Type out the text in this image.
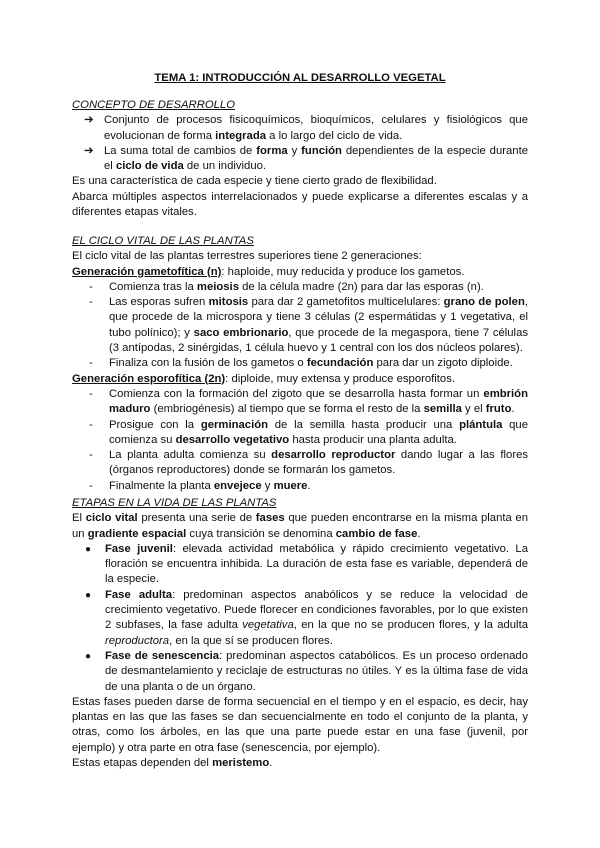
TEMA 1: INTRODUCCIÓN AL DESARROLLO VEGETAL

CONCEPTO DE DESARROLLO

➔ Conjunto de procesos fisicoquímicos, bioquímicos, celulares y fisiológicos que evolucionan de forma integrada a lo largo del ciclo de vida.
➔ La suma total de cambios de forma y función dependientes de la especie durante el ciclo de vida de un individuo.

Es una característica de cada especie y tiene cierto grado de flexibilidad.

Abarca múltiples aspectos interrelacionados y puede explicarse a diferentes escalas y a diferentes etapas vitales.

EL CICLO VITAL DE LAS PLANTAS

El ciclo vital de las plantas terrestres superiores tiene 2 generaciones:

Generación gametofítica (n): haploide, muy reducida y produce los gametos.

-	Comienza tras la meiosis de la célula madre (2n) para dar las esporas (n).
-	Las esporas sufren mitosis para dar 2 gametofitos multicelulares: grano de polen, que procede de la microspora y tiene 3 células (2 espermátidas y 1 vegetativa, el tubo polínico); y saco embrionario, que procede de la megaspora, tiene 7 células (3 antípodas, 2 sinérgidas, 1 célula huevo y 1 central con los dos núcleos polares).
-	Finaliza con la fusión de los gametos o fecundación para dar un zigoto diploide.

Generación esporofítica (2n): diploide, muy extensa y produce esporofitos.

-	Comienza con la formación del zigoto que se desarrolla hasta formar un embrión maduro (embriogénesis) al tiempo que se forma el resto de la semilla y el fruto.
-	Prosigue con la germinación de la semilla hasta producir una plántula que comienza su desarrollo vegetativo hasta producir una planta adulta.
-	La planta adulta comienza su desarrollo reproductor dando lugar a las flores (órganos reproductores) donde se formarán los gametos.
-	Finalmente la planta envejece y muere.

ETAPAS EN LA VIDA DE LAS PLANTAS

El ciclo vital presenta una serie de fases que pueden encontrarse en la misma planta en un gradiente espacial cuya transición se denomina cambio de fase.

●	Fase juvenil: elevada actividad metabólica y rápido crecimiento vegetativo. La floración se encuentra inhibida. La duración de esta fase es variable, dependerá de la especie.
●	Fase adulta: predominan aspectos anabólicos y se reduce la velocidad de crecimiento vegetativo. Puede florecer en condiciones favorables, por lo que existen 2 subfases, la fase adulta vegetativa, en la que no se producen flores, y la adulta reproductora, en la que sí se producen flores.
●	Fase de senescencia: predominan aspectos catabólicos. Es un proceso ordenado de desmantelamiento y reciclaje de estructuras no útiles. Y es la última fase de vida de una planta o de un órgano.

Estas fases pueden darse de forma secuencial en el tiempo y en el espacio, es decir, hay plantas en las que las fases se dan secuencialmente en todo el conjunto de la planta, y otras, como los árboles, en las que una parte puede estar en una fase (juvenil, por ejemplo) y otra parte en otra fase (senescencia, por ejemplo).

Estas etapas dependen del meristemo.
